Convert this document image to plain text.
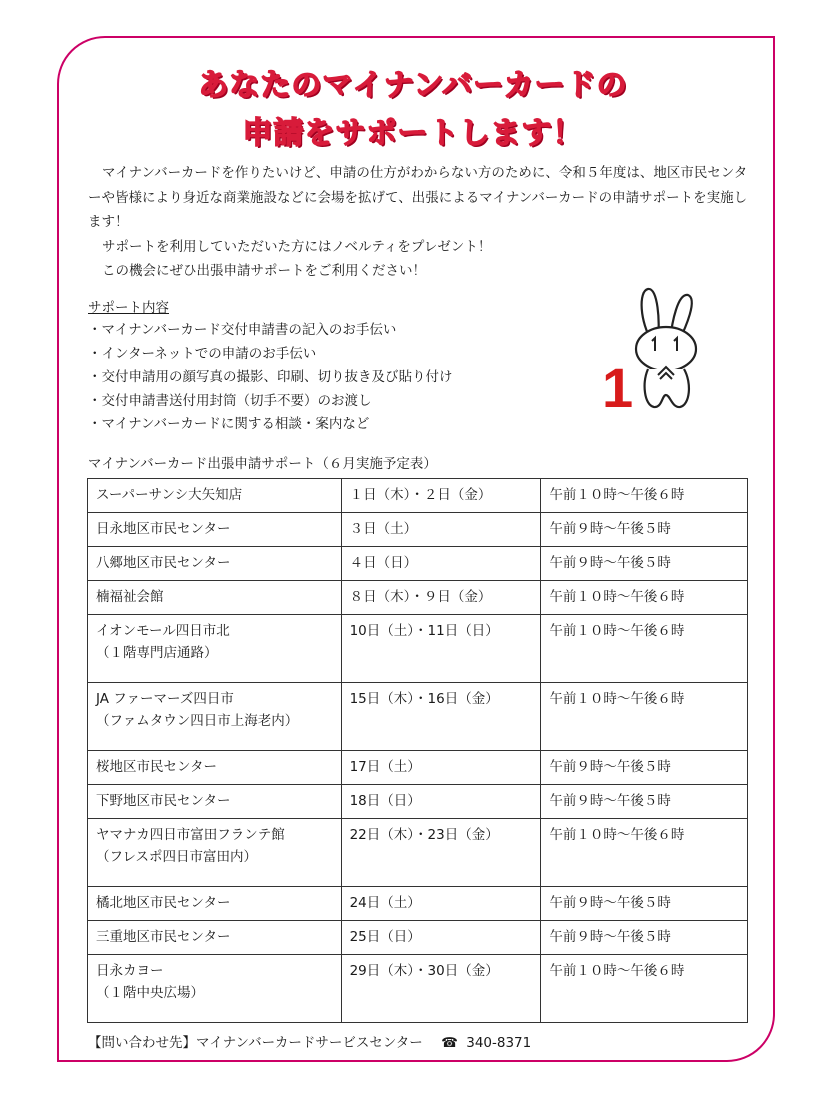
あなたのマイナンバーカードの
申請をサポートします！

マイナンバーカードを作りたいけど、申請の仕方がわからない方のために、令和５年度は、地区市民センターや皆様により身近な商業施設などに会場を拡げて、出張によるマイナンバーカードの申請サポートを実施します！

サポートを利用していただいた方にはノベルティをプレゼント！

この機会にぜひ出張申請サポートをご利用ください！

サポート内容
・ マイナンバーカード交付申請書の記入のお手伝い
・ インターネットでの申請のお手伝い
・ 交付申請用の顔写真の撮影、印刷、切り抜き及び貼り付け
・ 交付申請書送付用封筒（切手不要）のお渡し
・ マイナンバーカードに関する相談・案内など
1
マイナンバーカード出張申請サポート（６月実施予定表）
スーパーサンシ大矢知店	１日（木）・２日（金）	午前１０時～午後６時

日永地区市民センター	３日（土）	午前９時～午後５時

八郷地区市民センター	４日（日）	午前９時～午後５時

楠福祉会館	８日（木）・９日（金）	午前１０時～午後６時

イオンモール四日市北
（１階専門店通路）	10日（土）・11日（日）	午前１０時～午後６時

JA ファーマーズ四日市
（ファムタウン四日市上海老内）	15日（木）・16日（金）	午前１０時～午後６時

桜地区市民センター	17日（土）	午前９時～午後５時

下野地区市民センター	18日（日）	午前９時～午後５時

ヤマナカ四日市富田フランテ館
（フレスポ四日市富田内）	22日（木）・23日（金）	午前１０時～午後６時

橘北地区市民センター	24日（土）	午前９時～午後５時

三重地区市民センター	25日（日）	午前９時～午後５時

日永カヨー
（１階中央広場）	29日（木）・30日（金）	午前１０時～午後６時
【問い合わせ先】マイナンバーカードサービスセンター ☎ 340-8371
